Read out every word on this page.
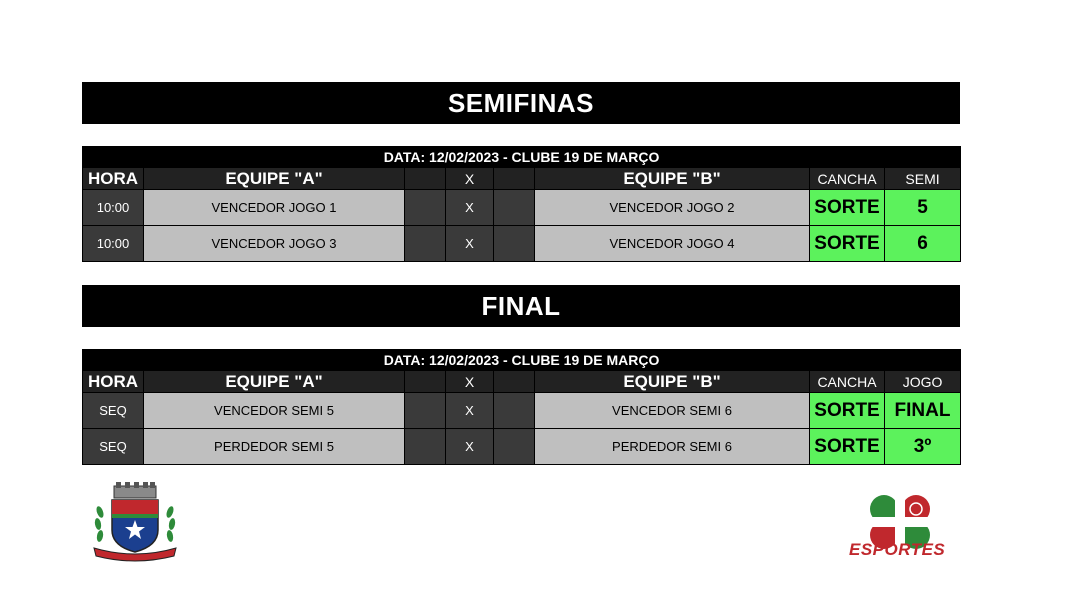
SEMIFINAS
DATA: 12/02/2023 - CLUBE 19 DE MARÇO							
HORA	EQUIPE "A"		X		EQUIPE "B"	CANCHA	SEMI
10:00	VENCEDOR JOGO 1		X		VENCEDOR JOGO 2	SORTE	5
10:00	VENCEDOR JOGO 3		X		VENCEDOR JOGO 4	SORTE	6
FINAL
DATA: 12/02/2023 - CLUBE 19 DE MARÇO							
HORA	EQUIPE "A"		X		EQUIPE "B"	CANCHA	JOGO
SEQ	VENCEDOR SEMI 5		X		VENCEDOR SEMI 6	SORTE	FINAL
SEQ	PERDEDOR SEMI 5		X		PERDEDOR SEMI 6	SORTE	3º
ESPORTES
